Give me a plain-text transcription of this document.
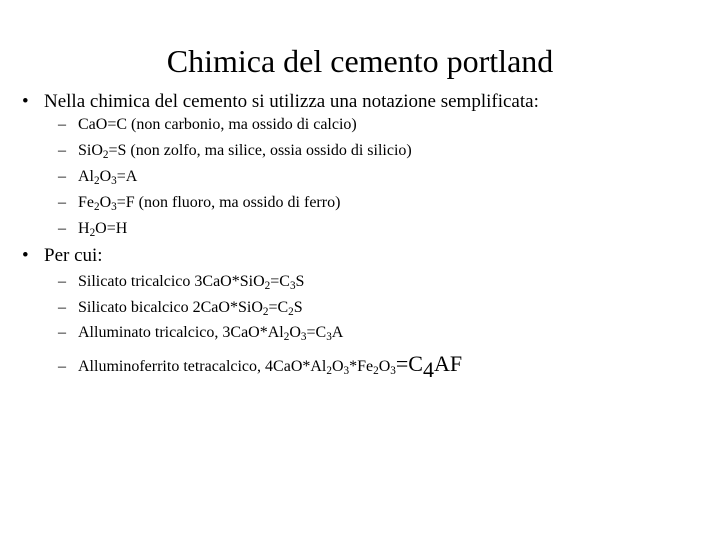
Chimica del cemento portland
• Nella chimica del cemento si utilizza una notazione semplificata:
– CaO=C (non carbonio, ma ossido di calcio)
– SiO$_2$=S (non zolfo, ma silice, ossia ossido di silicio)
– $Al_2O_3=A$
– $Fe_2O_3=F$ (non fluoro, ma ossido di ferro)
– $H_2O=H$
• Per cui:
– Silicato tricalcico $3CaO*SiO_2=C_3S$
– Silicato bicalcico $2CaO*SiO_2=C_2S$
– Alluminato tricalcico, $3CaO*Al_2O_3=C_3A$
– Alluminoferrito tetracalcico, $4CaO*Al_2O_3*Fe_2O_3=C_4AF$
